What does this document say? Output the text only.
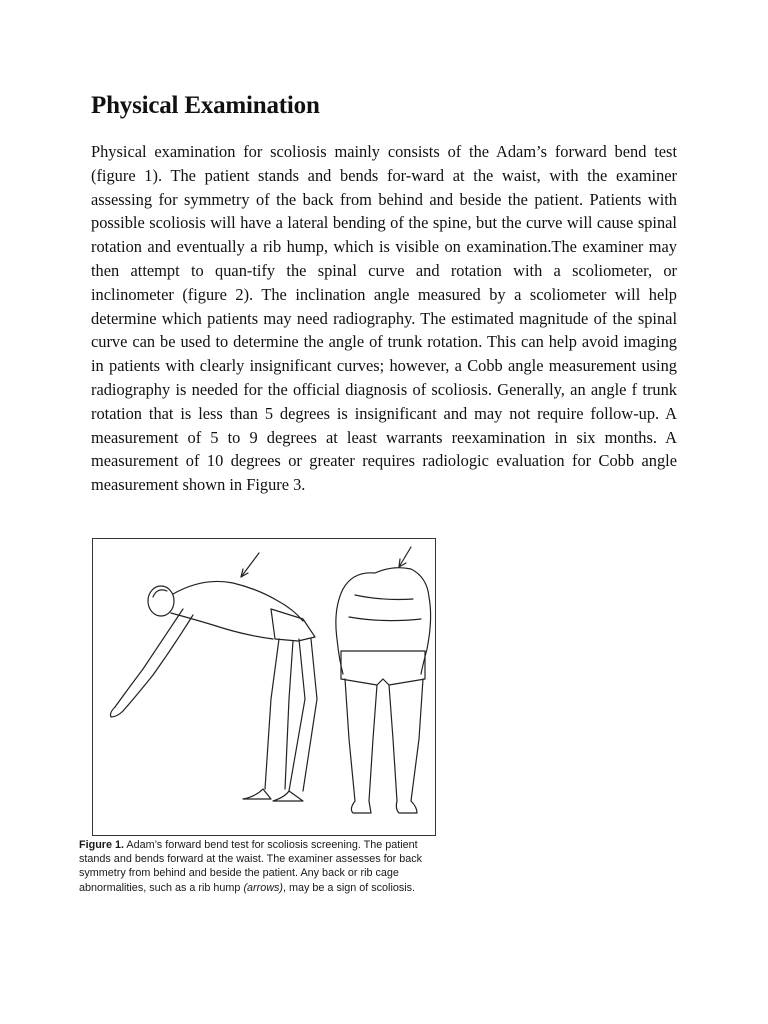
Physical Examination

Physical examination for scoliosis mainly consists of the Adam’s forward bend test (figure 1). The patient stands and bends for-ward at the waist, with the examiner assessing for symmetry of the back from behind and beside the patient. Patients with possible scoliosis will have a lateral bending of the spine, but the curve will cause spinal rotation and eventually a rib hump, which is visible on examination.The examiner may then attempt to quan-tify the spinal curve and rotation with a scoliometer, or inclinometer (figure 2). The inclination angle measured by a scoliometer will help determine which patients may need radiography. The estimated magnitude of the spinal curve can be used to determine the angle of trunk rotation. This can help avoid imaging in patients with clearly insignificant curves; however, a Cobb angle measurement using radiography is needed for the official diagnosis of scoliosis. Generally, an angle f trunk rotation that is less than 5 degrees is insignificant and may not require follow-up. A measurement of 5 to 9 degrees at least warrants reexamination in six months. A measurement of 10 degrees or greater requires radiologic evaluation for Cobb angle measurement shown in Figure 3.

Figure 1. Adam’s forward bend test for scoliosis screening. The patient stands and bends forward at the waist. The examiner assesses for back symmetry from behind and beside the patient. Any back or rib cage abnormalities, such as a rib hump (arrows), may be a sign of scoliosis.
